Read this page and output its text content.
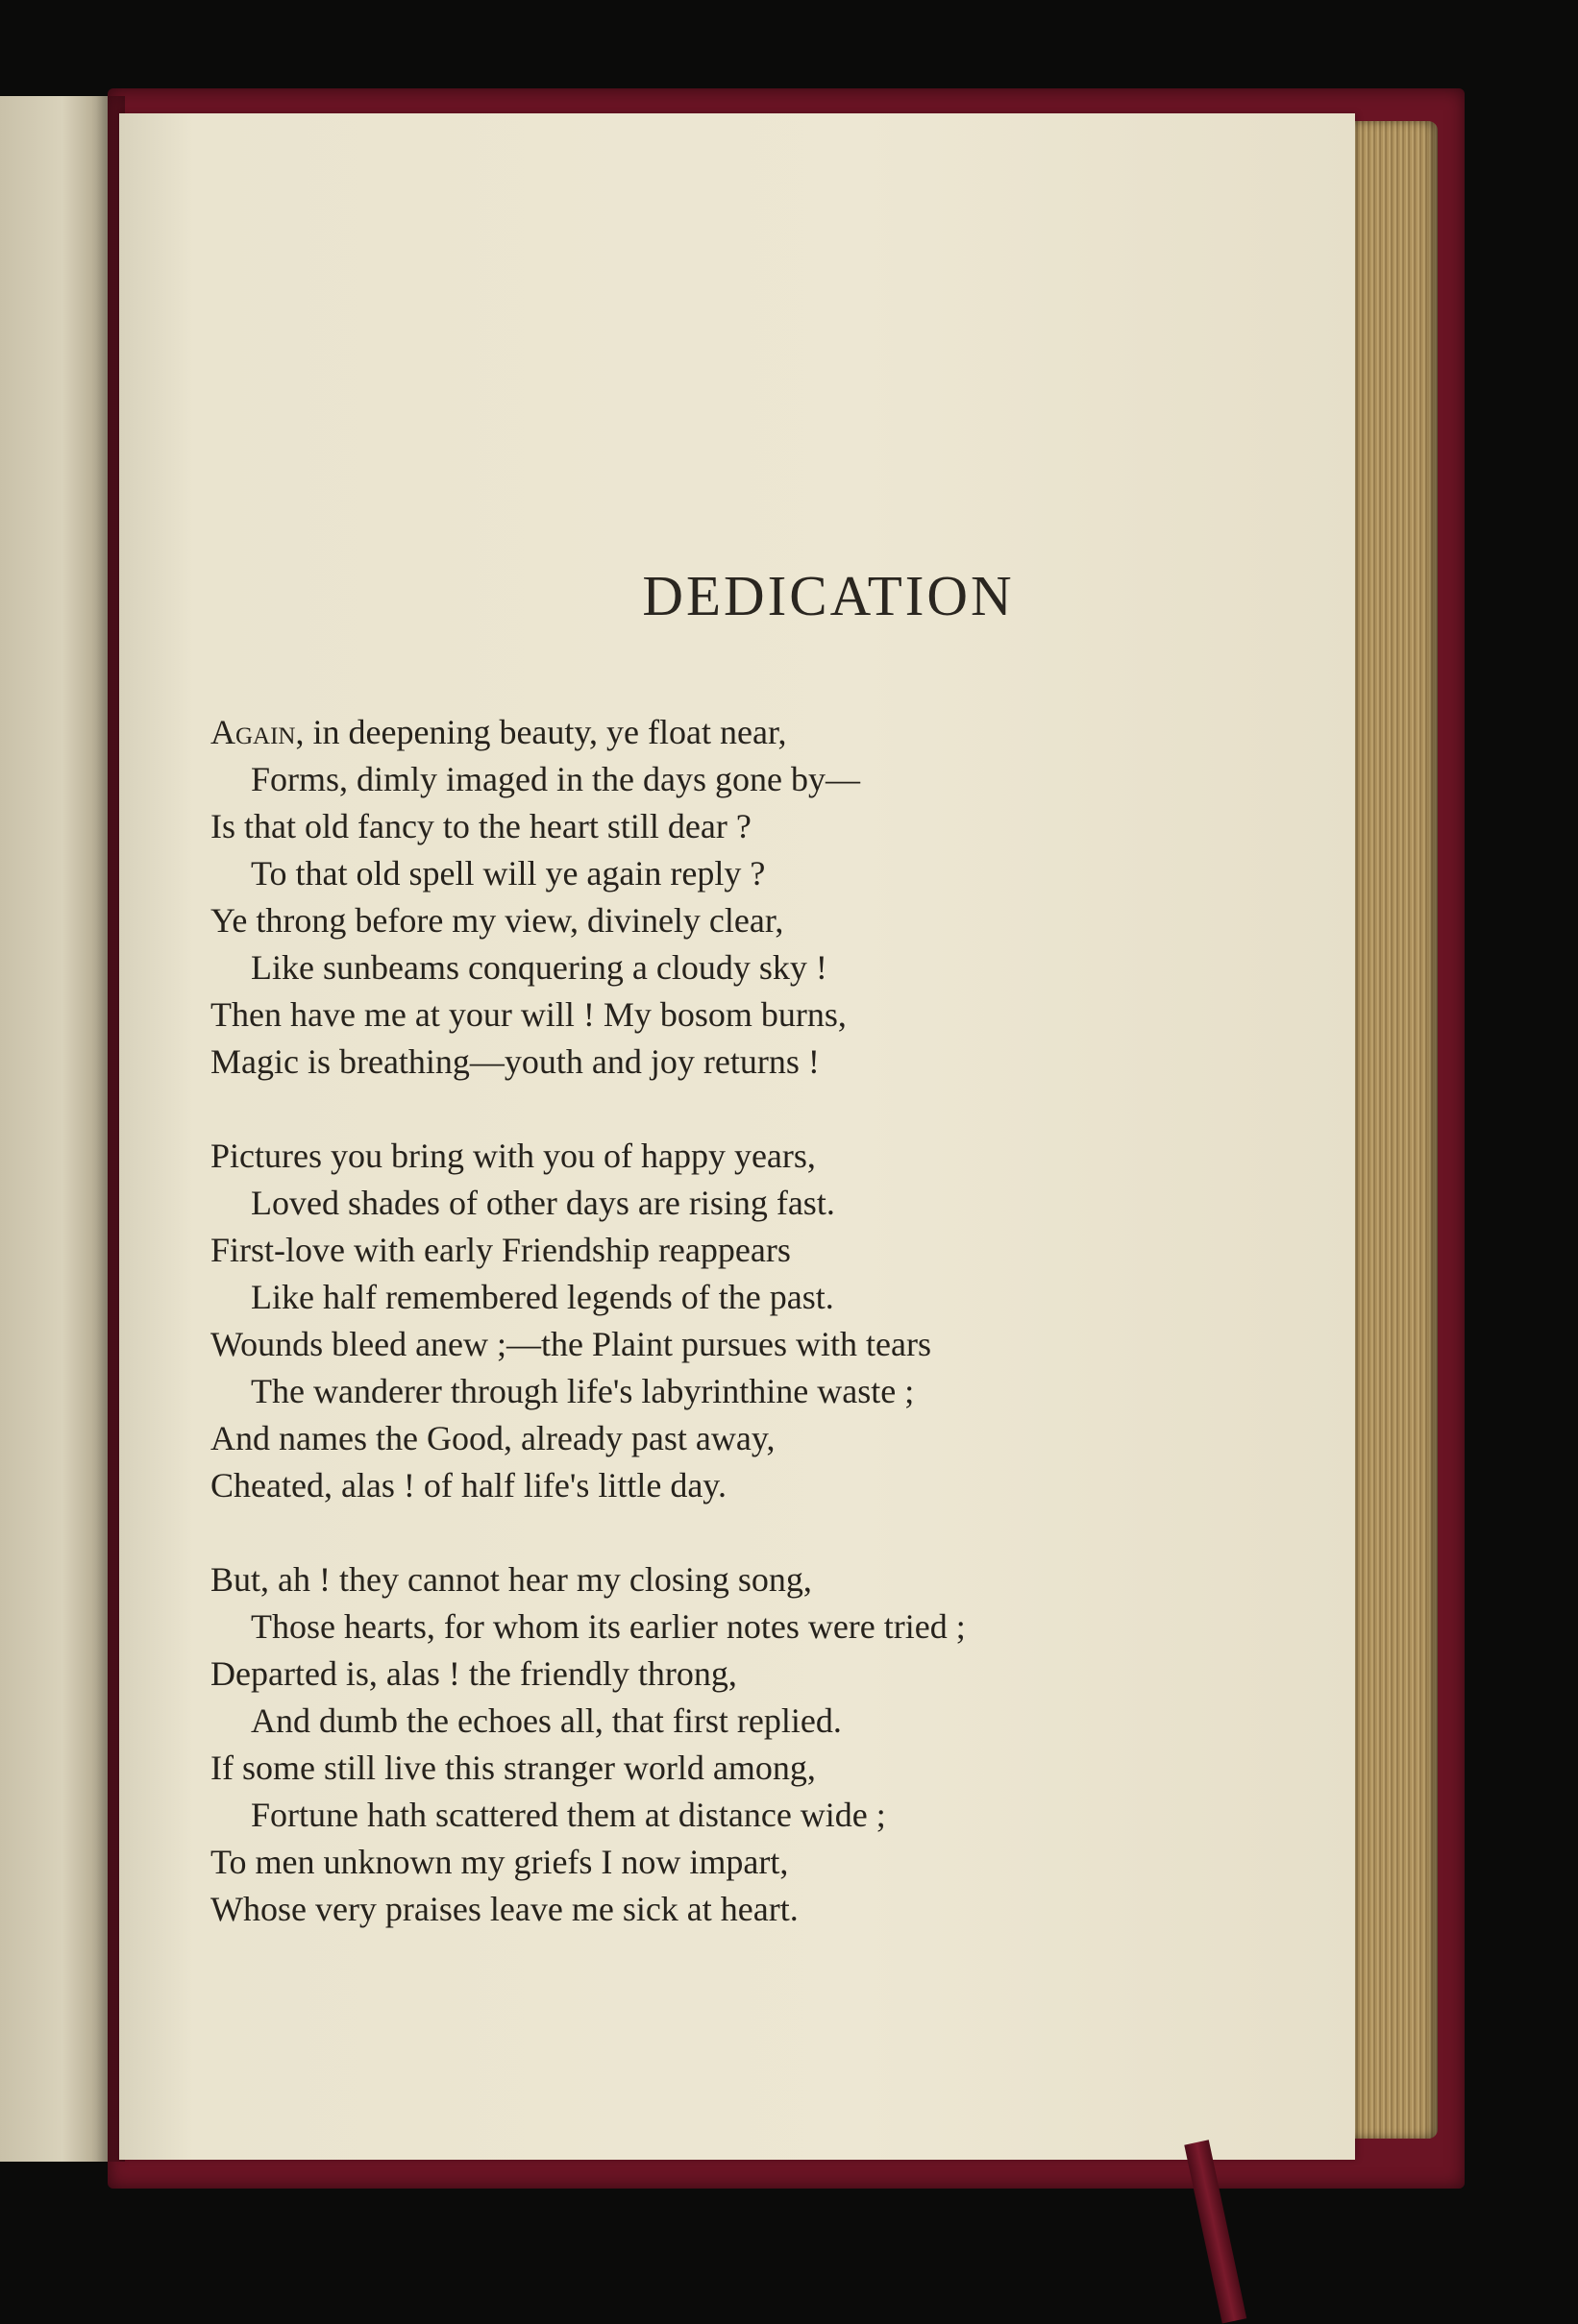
DEDICATION
Again, in deepening beauty, ye float near,
Forms, dimly imaged in the days gone by—
Is that old fancy to the heart still dear ?
To that old spell will ye again reply ?
Ye throng before my view, divinely clear,
Like sunbeams conquering a cloudy sky !
Then have me at your will ! My bosom burns,
Magic is breathing—youth and joy returns !
Pictures you bring with you of happy years,
Loved shades of other days are rising fast.
First-love with early Friendship reappears
Like half remembered legends of the past.
Wounds bleed anew ;—the Plaint pursues with tears
The wanderer through life's labyrinthine waste ;
And names the Good, already past away,
Cheated, alas ! of half life's little day.
But, ah ! they cannot hear my closing song,
Those hearts, for whom its earlier notes were tried ;
Departed is, alas ! the friendly throng,
And dumb the echoes all, that first replied.
If some still live this stranger world among,
Fortune hath scattered them at distance wide ;
To men unknown my griefs I now impart,
Whose very praises leave me sick at heart.
